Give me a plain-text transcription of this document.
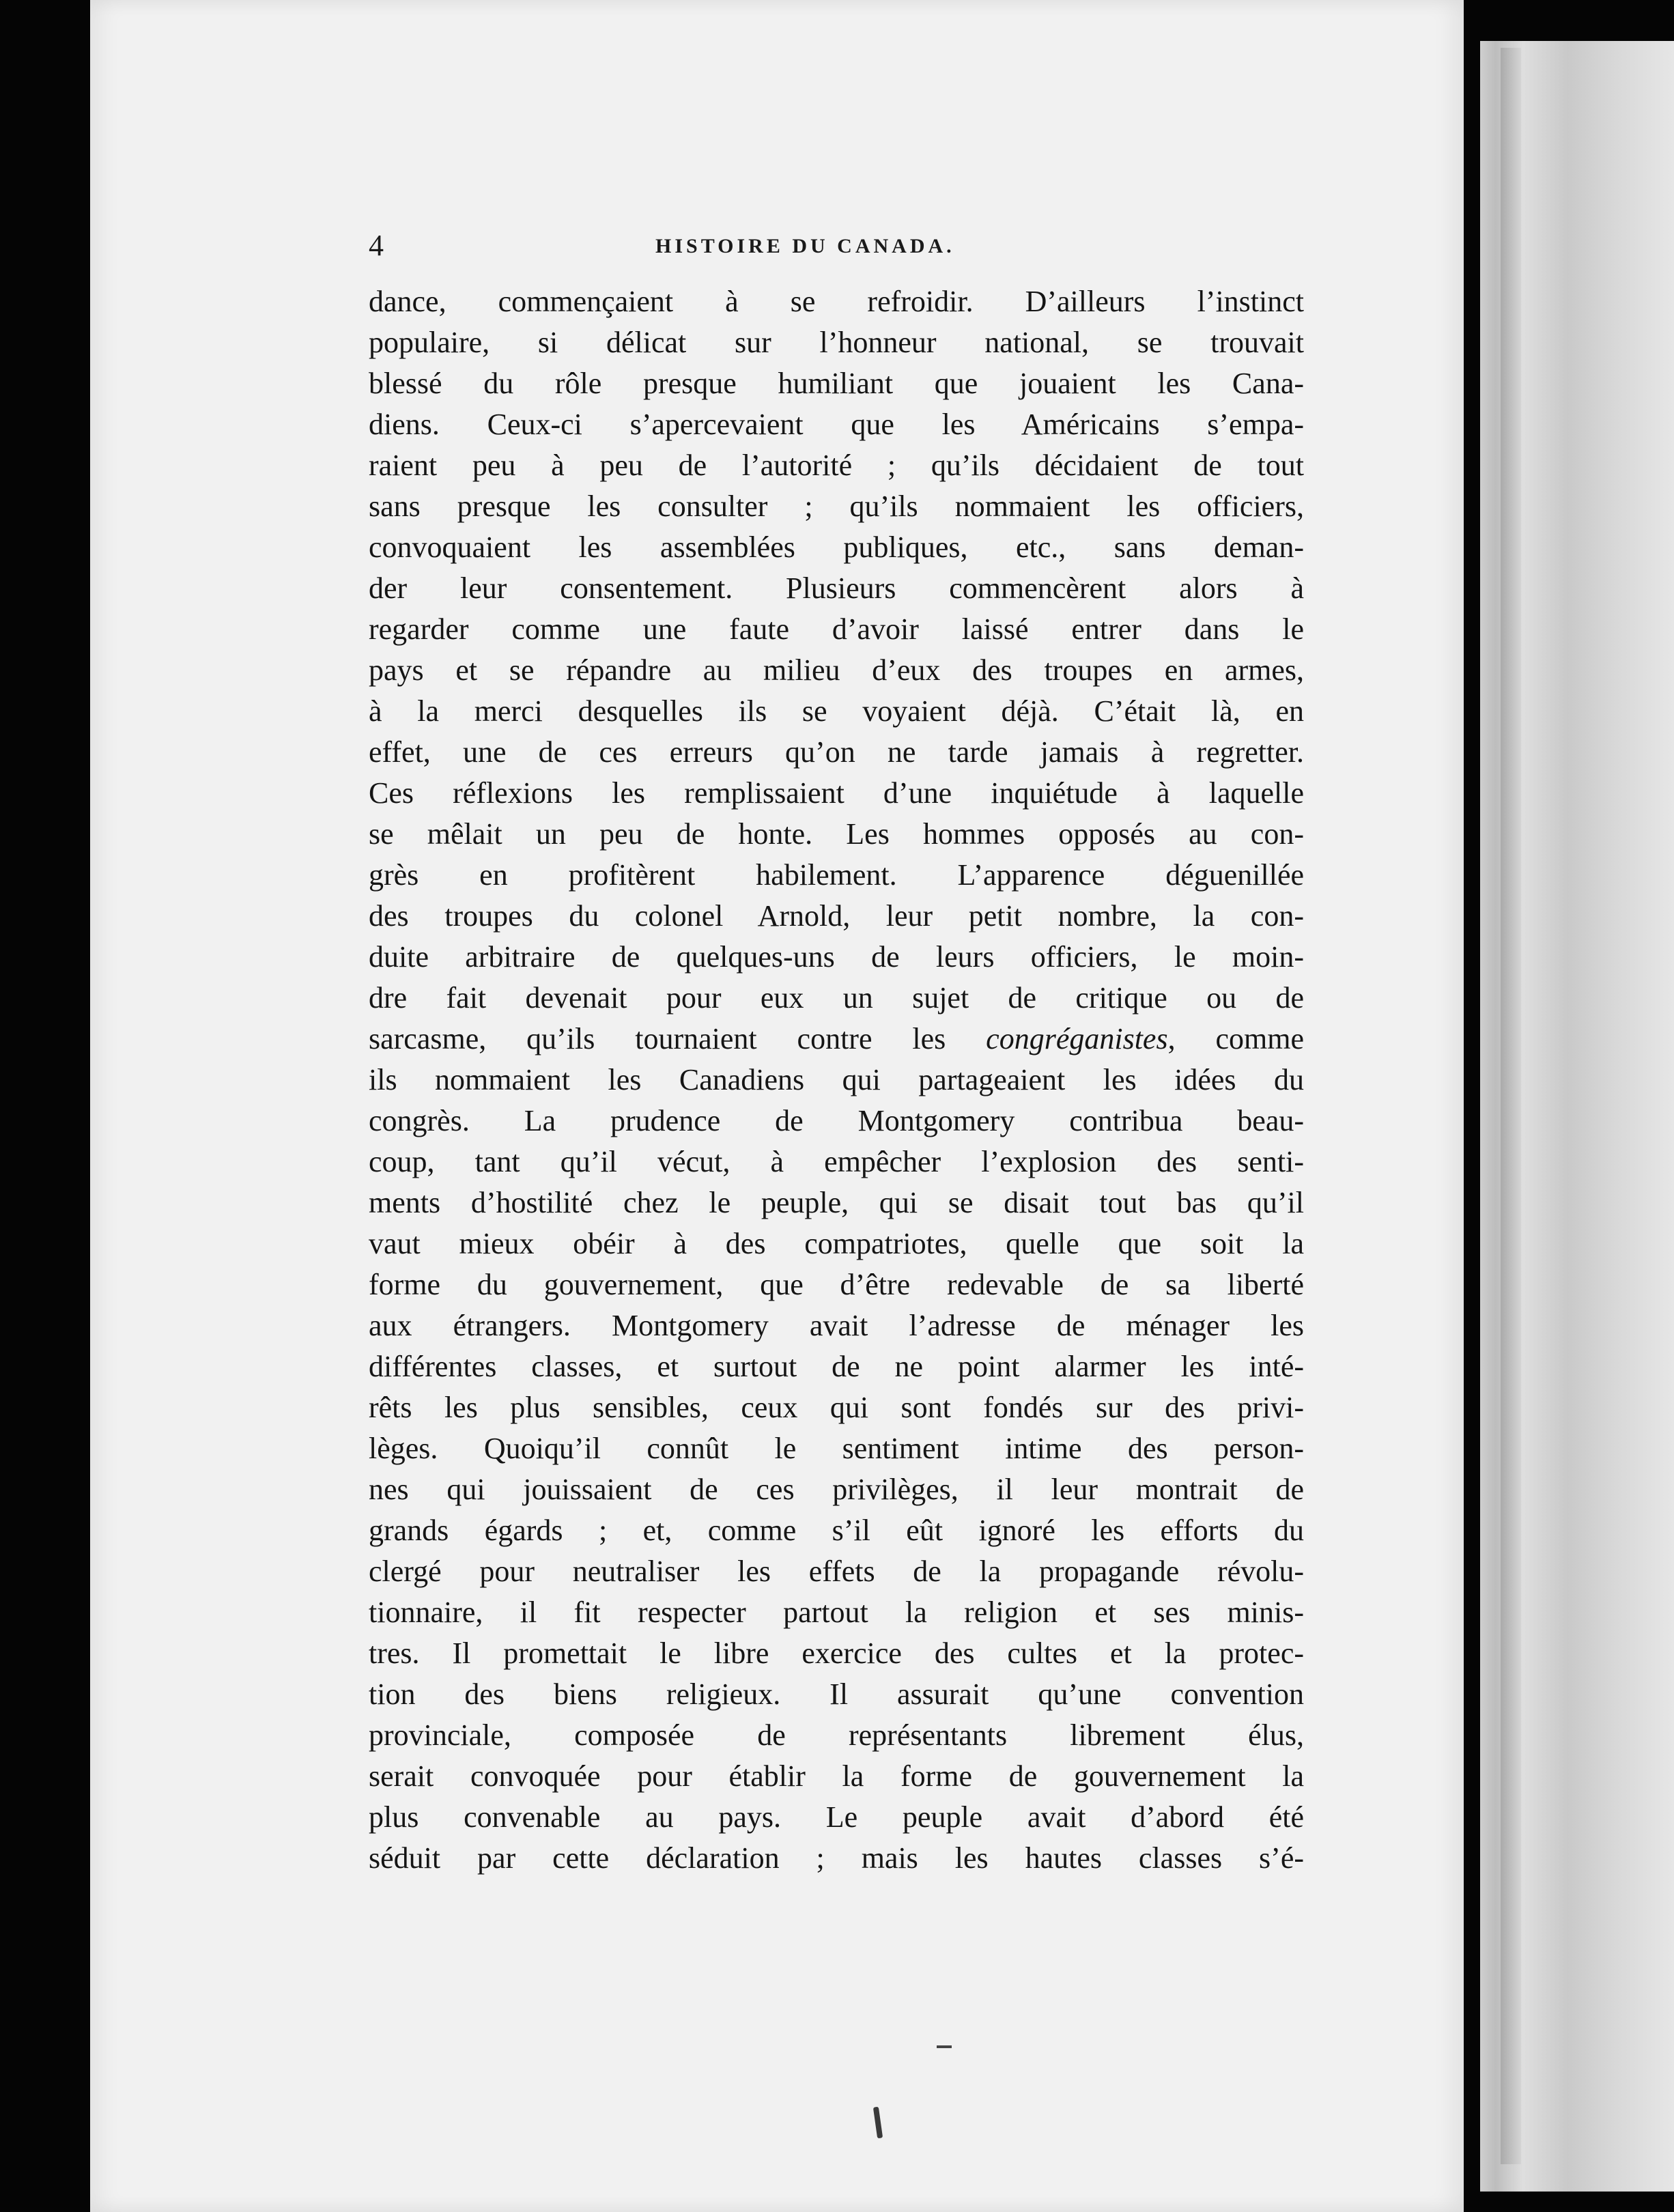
4	HISTOIRE DU CANADA.
dance, commençaient à se refroidir. D’ailleurs l’instinct
populaire, si délicat sur l’honneur national, se trouvait
blessé du rôle presque humiliant que jouaient les Cana-
diens. Ceux-ci s’apercevaient que les Américains s’empa-
raient peu à peu de l’autorité ; qu’ils décidaient de tout
sans presque les consulter ; qu’ils nommaient les officiers,
convoquaient les assemblées publiques, etc., sans deman-
der leur consentement. Plusieurs commencèrent alors à
regarder comme une faute d’avoir laissé entrer dans le
pays et se répandre au milieu d’eux des troupes en armes,
à la merci desquelles ils se voyaient déjà. C’était là, en
effet, une de ces erreurs qu’on ne tarde jamais à regretter.
Ces réflexions les remplissaient d’une inquiétude à laquelle
se mêlait un peu de honte. Les hommes opposés au con-
grès en profitèrent habilement. L’apparence déguenillée
des troupes du colonel Arnold, leur petit nombre, la con-
duite arbitraire de quelques-uns de leurs officiers, le moin-
dre fait devenait pour eux un sujet de critique ou de
sarcasme, qu’ils tournaient contre les congréganistes, comme
ils nommaient les Canadiens qui partageaient les idées du
congrès. La prudence de Montgomery contribua beau-
coup, tant qu’il vécut, à empêcher l’explosion des senti-
ments d’hostilité chez le peuple, qui se disait tout bas qu’il
vaut mieux obéir à des compatriotes, quelle que soit la
forme du gouvernement, que d’être redevable de sa liberté
aux étrangers. Montgomery avait l’adresse de ménager les
différentes classes, et surtout de ne point alarmer les inté-
rêts les plus sensibles, ceux qui sont fondés sur des privi-
lèges. Quoiqu’il connût le sentiment intime des person-
nes qui jouissaient de ces privilèges, il leur montrait de
grands égards ; et, comme s’il eût ignoré les efforts du
clergé pour neutraliser les effets de la propagande révolu-
tionnaire, il fit respecter partout la religion et ses minis-
tres. Il promettait le libre exercice des cultes et la protec-
tion des biens religieux. Il assurait qu’une convention
provinciale, composée de représentants librement élus,
serait convoquée pour établir la forme de gouvernement la
plus convenable au pays. Le peuple avait d’abord été
séduit par cette déclaration ; mais les hautes classes s’é-
